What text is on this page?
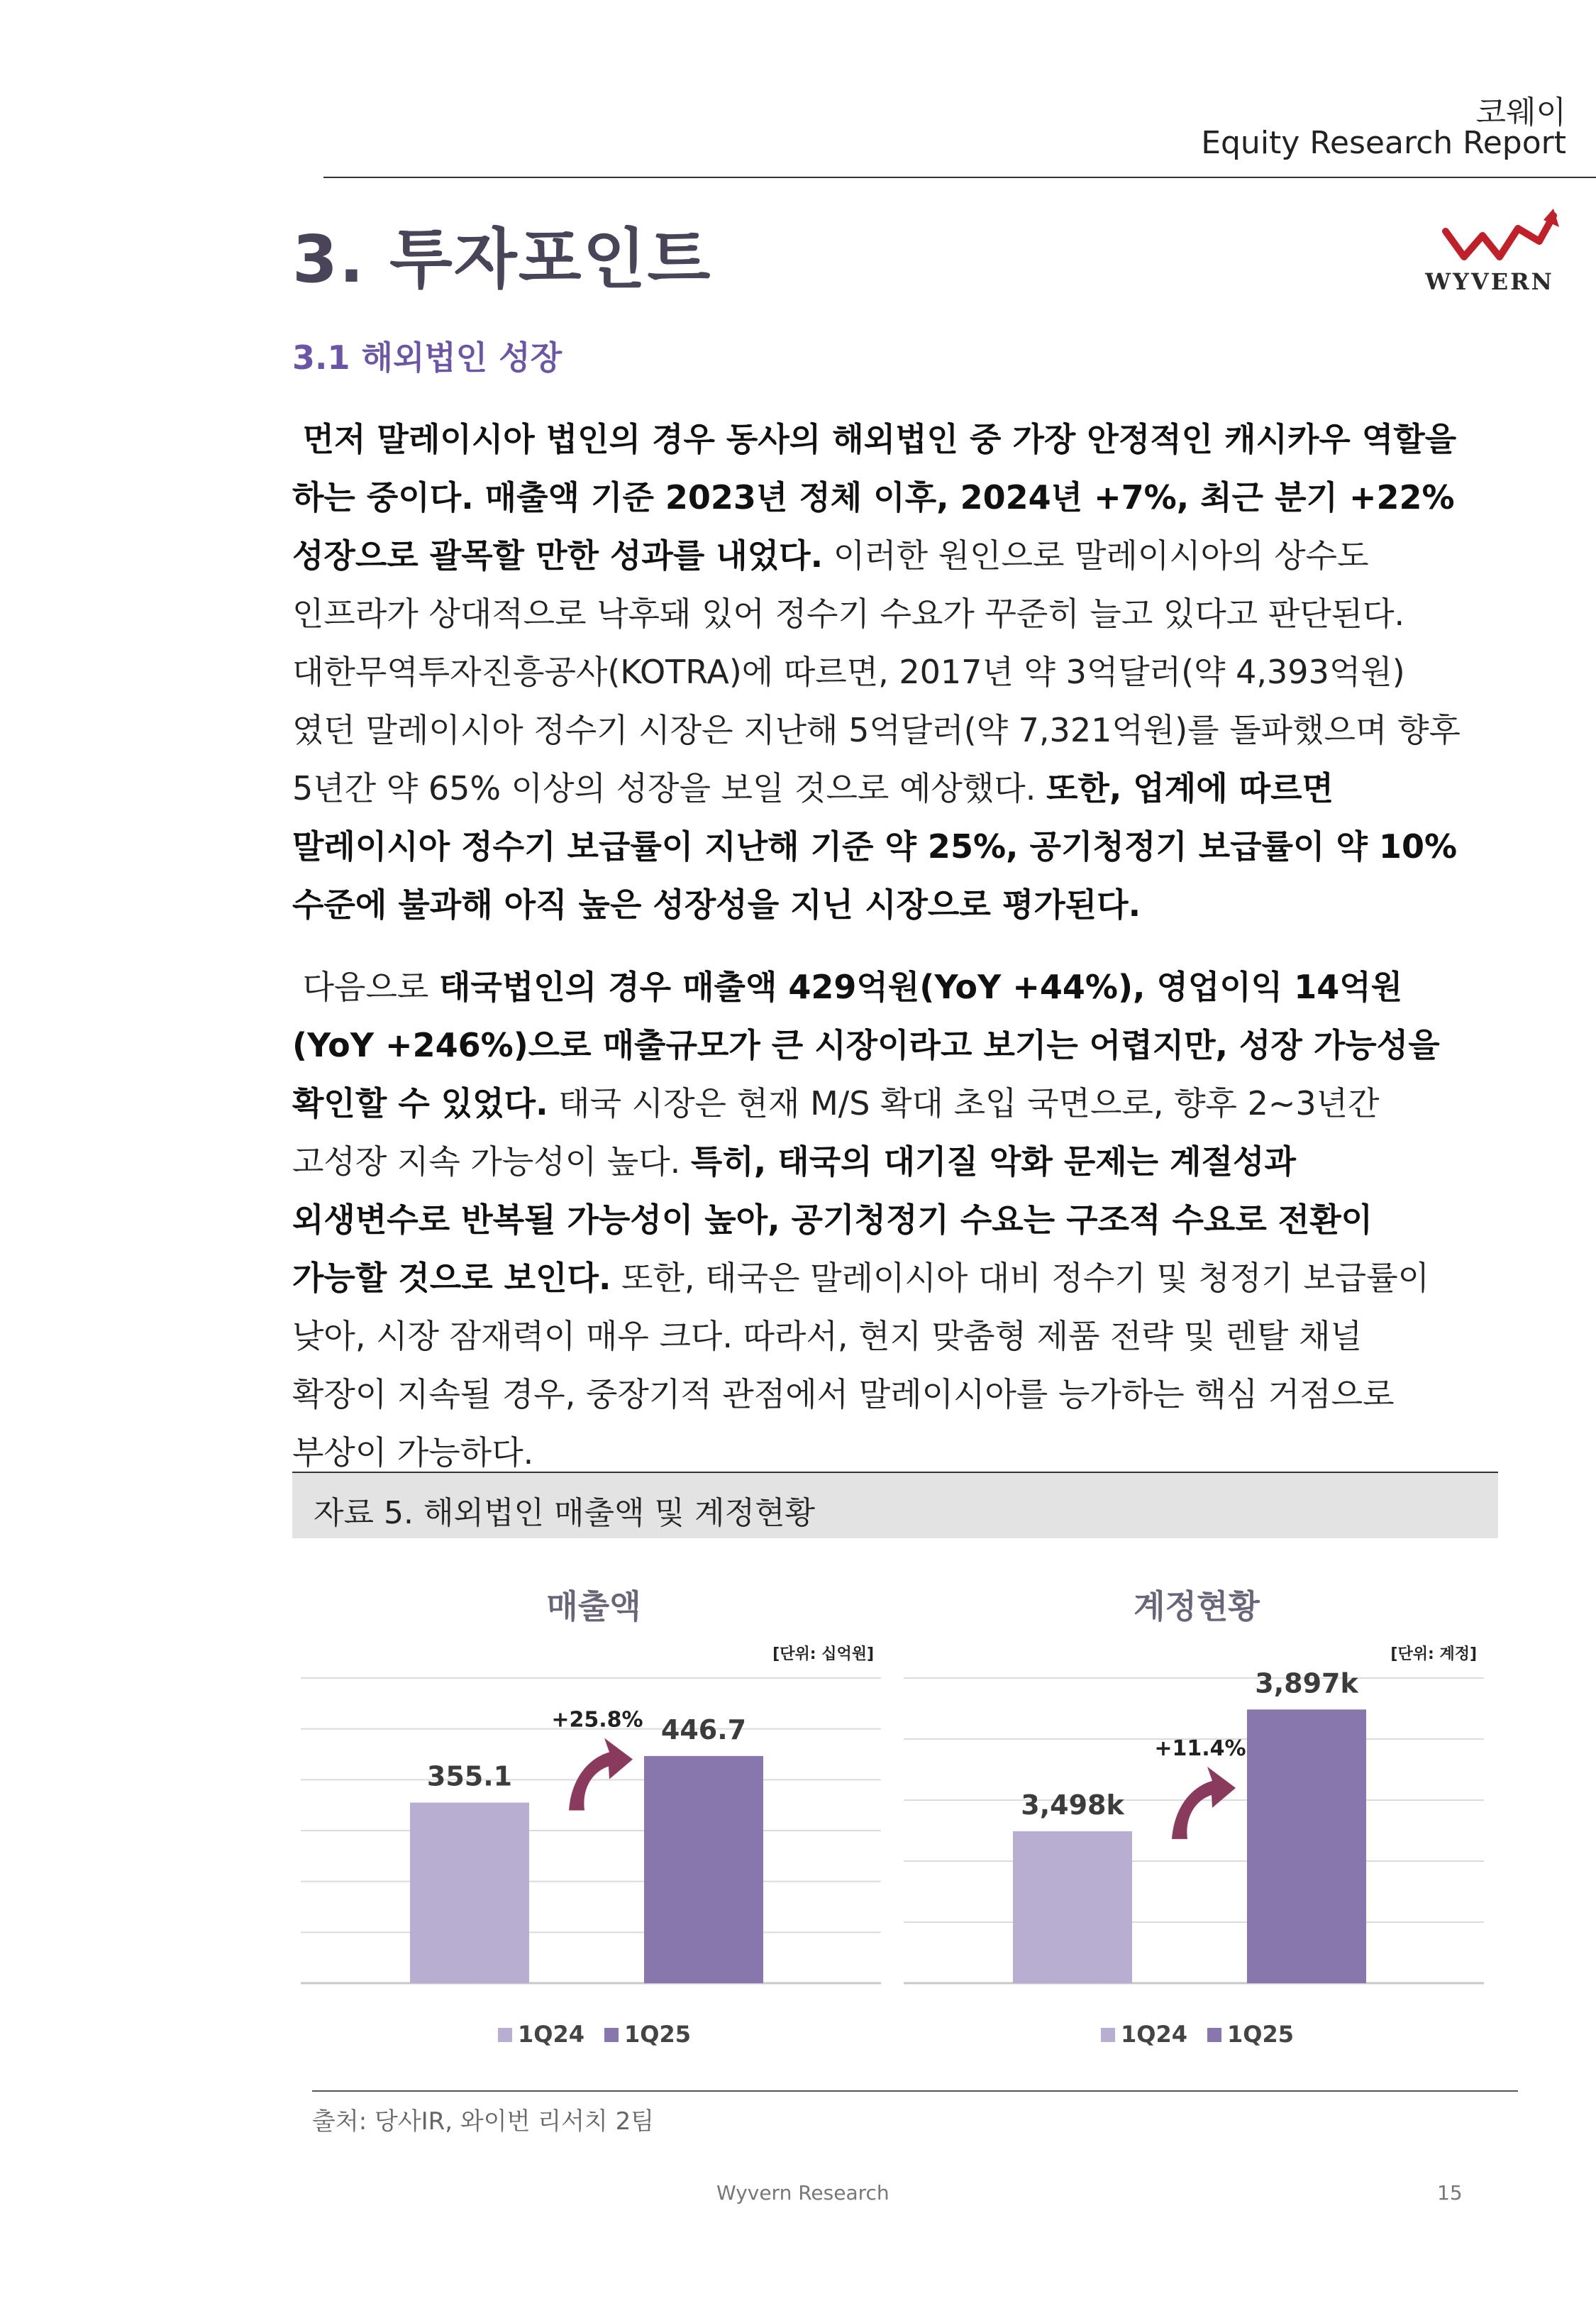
코웨이
Equity Research Report
WYVERN
3. 투자포인트
3.1 해외법인 성장

먼저 말레이시아 법인의 경우 동사의 해외법인 중 가장 안정적인 캐시카우 역할을 하는 중이다. 매출액 기준 2023년 정체 이후, 2024년 +7%, 최근 분기 +22% 성장으로 괄목할 만한 성과를 내었다. 이러한 원인으로 말레이시아의 상수도 인프라가 상대적으로 낙후돼 있어 정수기 수요가 꾸준히 늘고 있다고 판단된다. 대한무역투자진흥공사(KOTRA)에 따르면, 2017년 약 3억달러(약 4,393억원)였던 말레이시아 정수기 시장은 지난해 5억달러(약 7,321억원)를 돌파했으며 향후 5년간 약 65% 이상의 성장을 보일 것으로 예상했다. 또한, 업계에 따르면 말레이시아 정수기 보급률이 지난해 기준 약 25%, 공기청정기 보급률이 약 10% 수준에 불과해 아직 높은 성장성을 지닌 시장으로 평가된다.

다음으로 태국법인의 경우 매출액 429억원(YoY +44%), 영업이익 14억원(YoY +246%)으로 매출규모가 큰 시장이라고 보기는 어렵지만, 성장 가능성을 확인할 수 있었다. 태국 시장은 현재 M/S 확대 초입 국면으로, 향후 2~3년간 고성장 지속 가능성이 높다. 특히, 태국의 대기질 악화 문제는 계절성과 외생변수로 반복될 가능성이 높아, 공기청정기 수요는 구조적 수요로 전환이 가능할 것으로 보인다. 또한, 태국은 말레이시아 대비 정수기 및 청정기 보급률이 낮아, 시장 잠재력이 매우 크다. 따라서, 현지 맞춤형 제품 전략 및 렌탈 채널 확장이 지속될 경우, 중장기적 관점에서 말레이시아를 능가하는 핵심 거점으로 부상이 가능하다.

자료 5. 해외법인 매출액 및 계정현황
매출액
[단위: 십억원]
355.1
446.7
+25.8%
1Q24 1Q25
계정현황
[단위: 계정]
3,498k
3,897k
+11.4%
1Q24 1Q25
출처: 당사IR, 와이번 리서치 2팀
Wyvern Research	15
